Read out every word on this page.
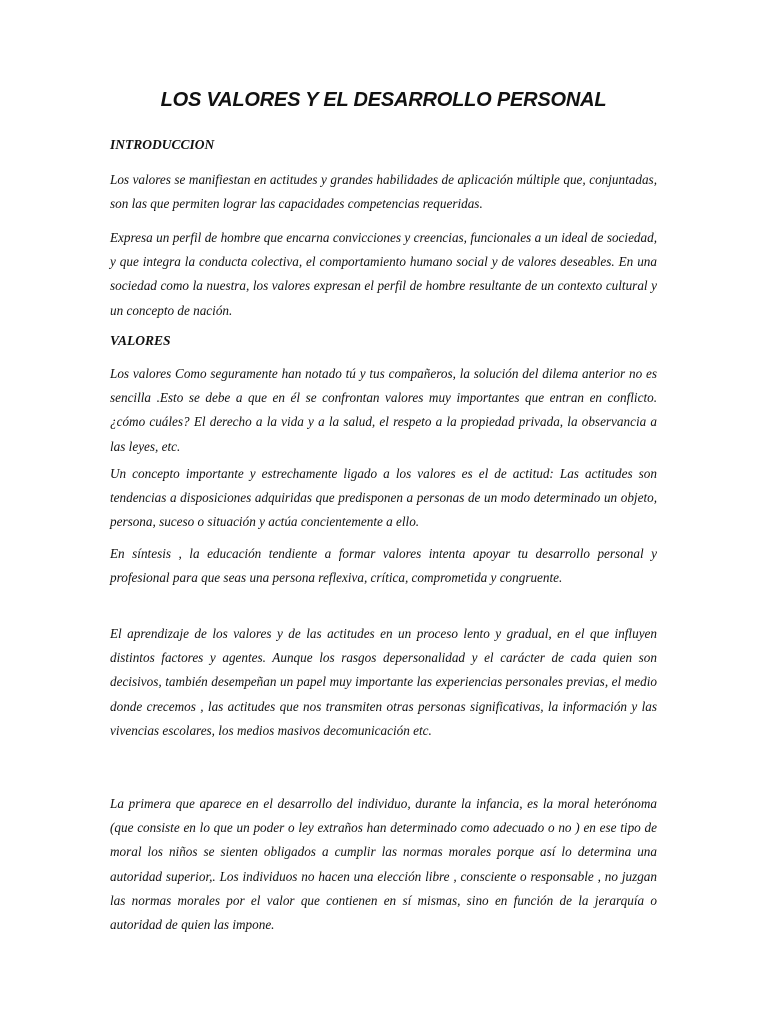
LOS VALORES Y EL DESARROLLO PERSONAL
INTRODUCCION

Los valores se manifiestan en actitudes y grandes habilidades de aplicación múltiple que, conjuntadas, son las que permiten lograr las capacidades competencias requeridas.

Expresa un perfil de hombre que encarna convicciones y creencias, funcionales a un ideal de sociedad, y que integra la conducta colectiva, el comportamiento humano social y de valores deseables. En una sociedad como la nuestra, los valores expresan el perfil de hombre resultante de un contexto cultural y un concepto de nación.

VALORES

Los valores Como seguramente han notado tú y tus compañeros, la solución del dilema anterior no es sencilla .Esto se debe a que en él se confrontan valores muy importantes que entran en conflicto. ¿cómo cuáles? El derecho a la vida y a la salud, el respeto a la propiedad privada, la observancia a las leyes, etc.

Un concepto importante y estrechamente ligado a los valores es el de actitud: Las actitudes son tendencias a disposiciones adquiridas que predisponen a personas de un modo determinado un objeto, persona, suceso o situación y actúa concientemente a ello.

En síntesis , la educación tendiente a formar valores intenta apoyar tu desarrollo personal y profesional para que seas una persona reflexiva, crítica, comprometida y congruente.

El aprendizaje de los valores y de las actitudes en un proceso lento y gradual, en el que influyen distintos factores y agentes. Aunque los rasgos depersonalidad y el carácter de cada quien son decisivos, también desempeñan un papel muy importante las experiencias personales previas, el medio donde crecemos , las actitudes que nos transmiten otras personas significativas, la información y las vivencias escolares, los medios masivos decomunicación etc.

La primera que aparece en el desarrollo del individuo, durante la infancia, es la moral heterónoma (que consiste en lo que un poder o ley extraños han determinado como adecuado o no ) en ese tipo de moral los niños se sienten obligados a cumplir las normas morales porque así lo determina una autoridad superior,. Los individuos no hacen una elección libre , consciente o responsable , no juzgan las normas morales por el valor que contienen en sí mismas, sino en función de la jerarquía o autoridad de quien las impone.
